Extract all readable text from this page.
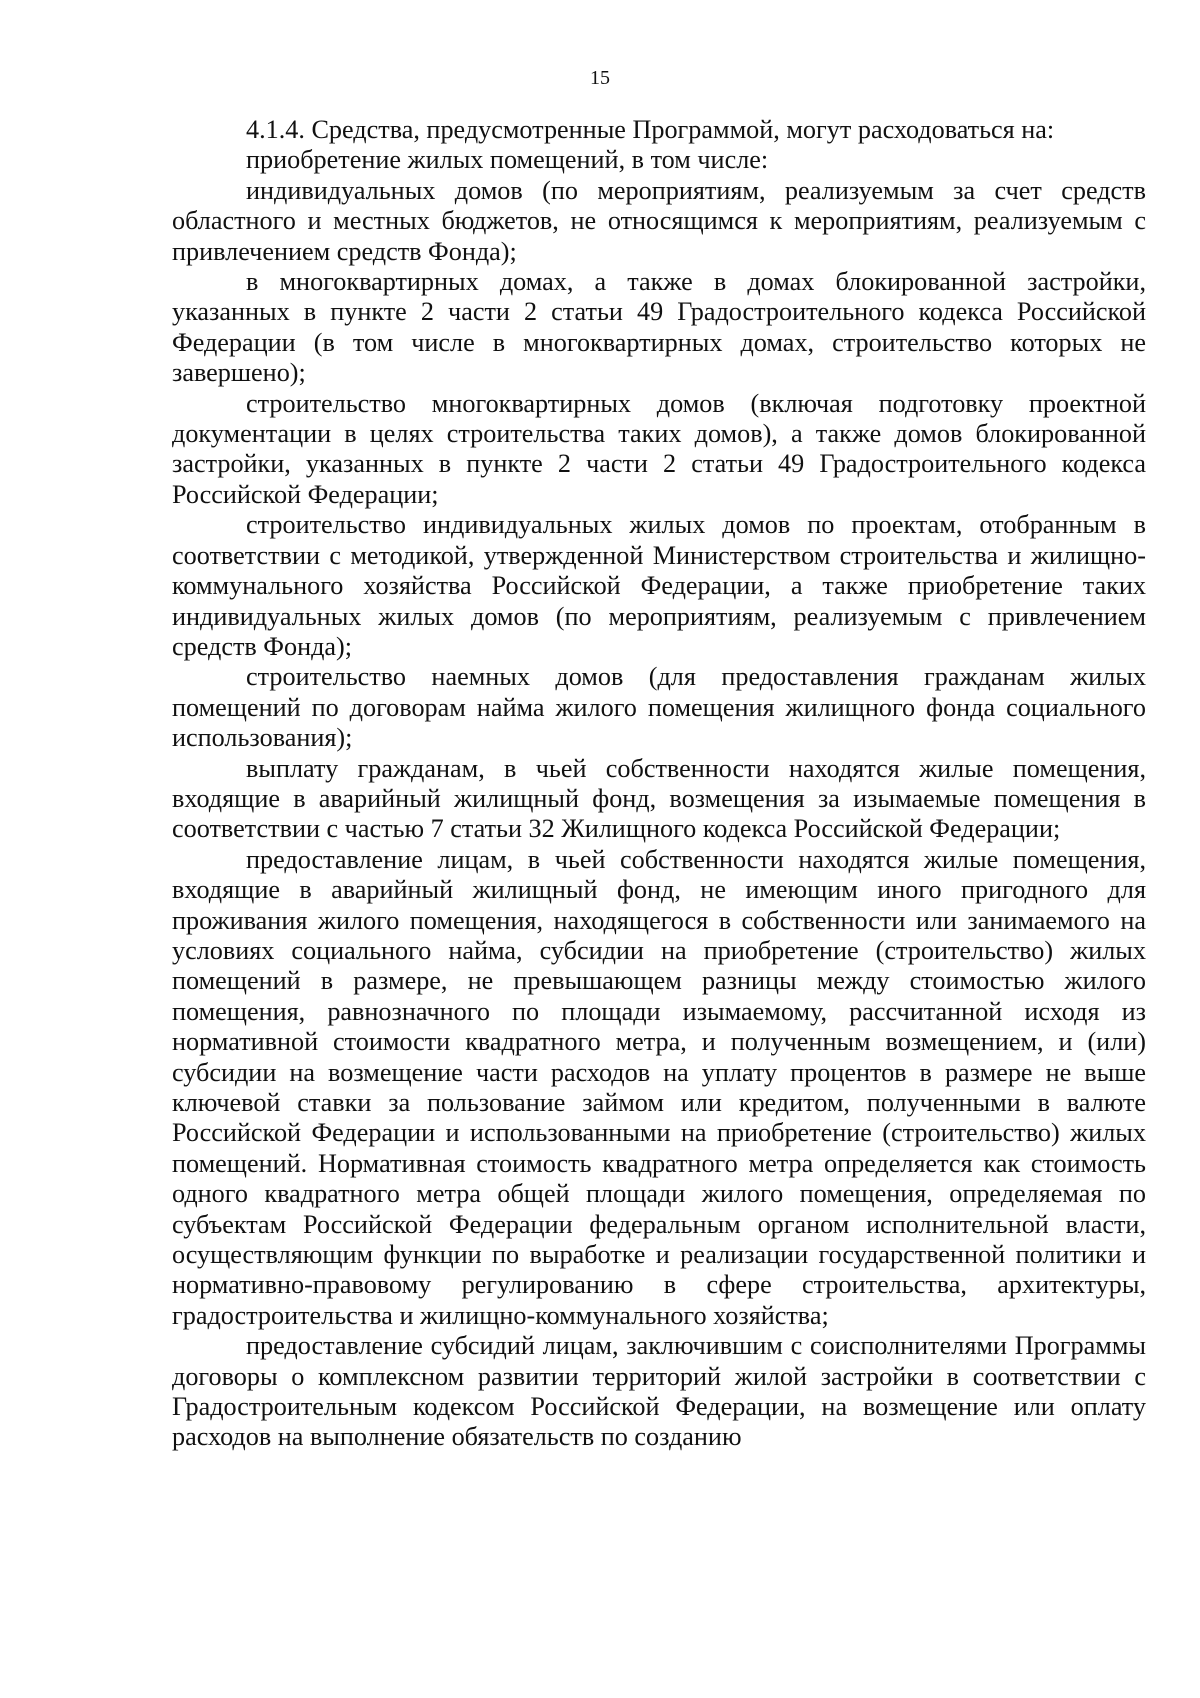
15

4.1.4. Средства, предусмотренные Программой, могут расходоваться на:

приобретение жилых помещений, в том числе:

индивидуальных домов (по мероприятиям, реализуемым за счет средств областного и местных бюджетов, не относящимся к мероприятиям, реализуемым с привлечением средств Фонда);

в многоквартирных домах, а также в домах блокированной застройки, указанных в пункте 2 части 2 статьи 49 Градостроительного кодекса Российской Федерации (в том числе в многоквартирных домах, строительство которых не завершено);

строительство многоквартирных домов (включая подготовку проектной документации в целях строительства таких домов), а также домов блокированной застройки, указанных в пункте 2 части 2 статьи 49 Градостроительного кодекса Российской Федерации;

строительство индивидуальных жилых домов по проектам, отобранным в соответствии с методикой, утвержденной Министерством строительства и жилищно-коммунального хозяйства Российской Федерации, а также приобретение таких индивидуальных жилых домов (по мероприятиям, реализуемым с привлечением средств Фонда);

строительство наемных домов (для предоставления гражданам жилых помещений по договорам найма жилого помещения жилищного фонда социального использования);

выплату гражданам, в чьей собственности находятся жилые помещения, входящие в аварийный жилищный фонд, возмещения за изымаемые помещения в соответствии с частью 7 статьи 32 Жилищного кодекса Российской Федерации;

предоставление лицам, в чьей собственности находятся жилые помещения, входящие в аварийный жилищный фонд, не имеющим иного пригодного для проживания жилого помещения, находящегося в собственности или занимаемого на условиях социального найма, субсидии на приобретение (строительство) жилых помещений в размере, не превышающем разницы между стоимостью жилого помещения, равнозначного по площади изымаемому, рассчитанной исходя из нормативной стоимости квадратного метра, и полученным возмещением, и (или) субсидии на возмещение части расходов на уплату процентов в размере не выше ключевой ставки за пользование займом или кредитом, полученными в валюте Российской Федерации и использованными на приобретение (строительство) жилых помещений. Нормативная стоимость квадратного метра определяется как стоимость одного квадратного метра общей площади жилого помещения, определяемая по субъектам Российской Федерации федеральным органом исполнительной власти, осуществляющим функции по выработке и реализации государственной политики и нормативно-правовому регулированию в сфере строительства, архитектуры, градостроительства и жилищно-коммунального хозяйства;

предоставление субсидий лицам, заключившим с соисполнителями Программы договоры о комплексном развитии территорий жилой застройки в соответствии с Градостроительным кодексом Российской Федерации, на возмещение или оплату расходов на выполнение обязательств по созданию
